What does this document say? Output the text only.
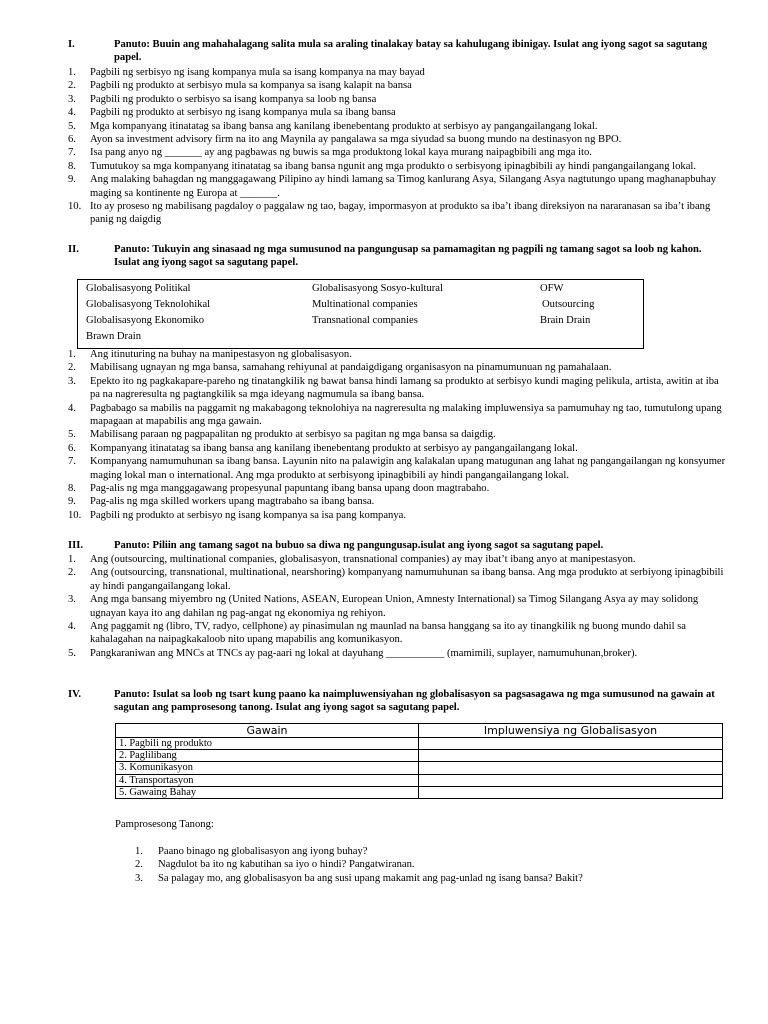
I.	Panuto: Buuin ang mahahalagang salita mula sa araling tinalakay batay sa kahulugang ibinigay. Isulat ang iyong sagot sa sagutang papel.
1.	Pagbili ng serbisyo ng isang kompanya mula sa isang kompanya na may bayad
2.	Pagbili ng produkto at serbisyo mula sa kompanya sa isang kalapit na bansa
3.	Pagbili ng produkto o serbisyo sa isang kompanya sa loob ng bansa
4.	Pagbili ng produkto at serbisyo ng isang kompanya mula sa ibang bansa
5.	Mga kompanyang itinatatag sa ibang bansa ang kanilang ibenebentang produkto at serbisyo ay pangangailangang lokal.
6.	Ayon sa investment advisory firm na ito ang Maynila ay pangalawa sa mga siyudad sa buong mundo na destinasyon ng BPO.
7.	Isa pang anyo ng _______ ay ang pagbawas ng buwis sa mga produktong lokal kaya murang naipagbibili ang mga ito.
8.	Tumutukoy sa mga kompanyang itinatatag sa ibang bansa ngunit ang mga produkto o serbisyong ipinagbibili ay hindi pangangailangang lokal.
9.	Ang malaking bahagdan ng manggagawang Pilipino ay hindi lamang sa Timog kanlurang Asya, Silangang Asya nagtutungo upang maghanapbuhay maging sa kontinente ng Europa at _______.
10. Ito ay proseso ng mabilisang pagdaloy o paggalaw ng tao, bagay, impormasyon at produkto sa iba’t ibang direksiyon na nararanasan sa iba’t ibang panig ng daigdig
II.	Panuto: Tukuyin ang sinasaad ng mga sumusunod na pangungusap sa pamamagitan ng pagpili ng tamang sagot sa loob ng kahon. Isulat ang iyong sagot sa sagutang papel.
Globalisasyong Politikal	Globalisasyong Sosyo-kultural	OFW
Globalisasyong Teknolohikal	Multinational companies	Outsourcing
Globalisasyong Ekonomiko	Transnational companies	Brain Drain
Brawn Drain
1.	Ang itinuturing na buhay na manipestasyon ng globalisasyon.
2.	Mabilisang ugnayan ng mga bansa, samahang rehiyunal at pandaigdigang organisasyon na pinamumunuan ng pamahalaan.
3.	Epekto ito ng pagkakapare-pareho ng tinatangkilik ng bawat bansa hindi lamang sa produkto at serbisyo kundi maging pelikula, artista, awitin at iba pa na nagreresulta ng pagtangkilik sa mga ideyang nagmumula sa ibang bansa.
4.	Pagbabago sa mabilis na paggamit ng makabagong teknolohiya na nagreresulta ng malaking impluwensiya sa pamumuhay ng tao, tumutulong upang mapagaan at mapabilis ang mga gawain.
5.	Mabilisang paraan ng pagpapalitan ng produkto at serbisyo sa pagitan ng mga bansa sa daigdig.
6.	Kompanyang itinatatag sa ibang bansa ang kanilang ibenebentang produkto at serbisyo ay pangangailangang lokal.
7.	Kompanyang namumuhunan sa ibang bansa. Layunin nito na palawigin ang kalakalan upang matugunan ang lahat ng pangangailangan ng konsyumer maging lokal man o international. Ang mga produkto at serbisyong ipinagbibili ay hindi pangangailangang lokal.
8.	Pag-alis ng mga manggagawang propesyunal papuntang ibang bansa upang doon magtrabaho.
9.	Pag-alis ng mga skilled workers upang magtrabaho sa ibang bansa.
10. Pagbili ng produkto at serbisyo ng isang kompanya sa isa pang kompanya.
III.	Panuto: Piliin ang tamang sagot na bubuo sa diwa ng pangungusap.isulat ang iyong sagot sa sagutang papel.
1.	Ang (outsourcing, multinational companies, globalisasyon, transnational companies) ay may ibat’t ibang anyo at manipestasyon.
2.	Ang (outsourcing, transnational, multinational, nearshoring) kompanyang namumuhunan sa ibang bansa. Ang mga produkto at serbiyong ipinagbibili ay hindi pangangailangang lokal.
3.	Ang mga bansang miyembro ng (United Nations, ASEAN, European Union, Amnesty International) sa Timog Silangang Asya ay may solidong ugnayan kaya ito ang dahilan ng pag-angat ng ekonomiya ng rehiyon.
4.	Ang paggamit ng (libro, TV, radyo, cellphone) ay pinasimulan ng maunlad na bansa hanggang sa ito ay tinangkilik ng buong mundo dahil sa kahalagahan na naipagkakaloob nito upang mapabilis ang komunikasyon.
5.	Pangkaraniwan ang MNCs at TNCs ay pag-aari ng lokal at dayuhang ___________ (mamimili, suplayer, namumuhunan,broker).
IV.	Panuto: Isulat sa loob ng tsart kung paano ka naimpluwensiyahan ng globalisasyon sa pagsasagawa ng mga sumusunod na gawain at sagutan ang pamprosesong tanong. Isulat ang iyong sagot sa sagutang papel.
Gawain	Impluwensiya ng Globalisasyon
1. Pagbili ng produkto	
2. Paglilibang	
3. Komunikasyon	
4. Transportasyon	
5. Gawaing Bahay	
Pamprosesong Tanong:
1. Paano binago ng globalisasyon ang iyong buhay?
2. Nagdulot ba ito ng kabutihan sa iyo o hindi? Pangatwiranan.
3. Sa palagay mo, ang globalisasyon ba ang susi upang makamit ang pag-unlad ng isang bansa? Bakit?
